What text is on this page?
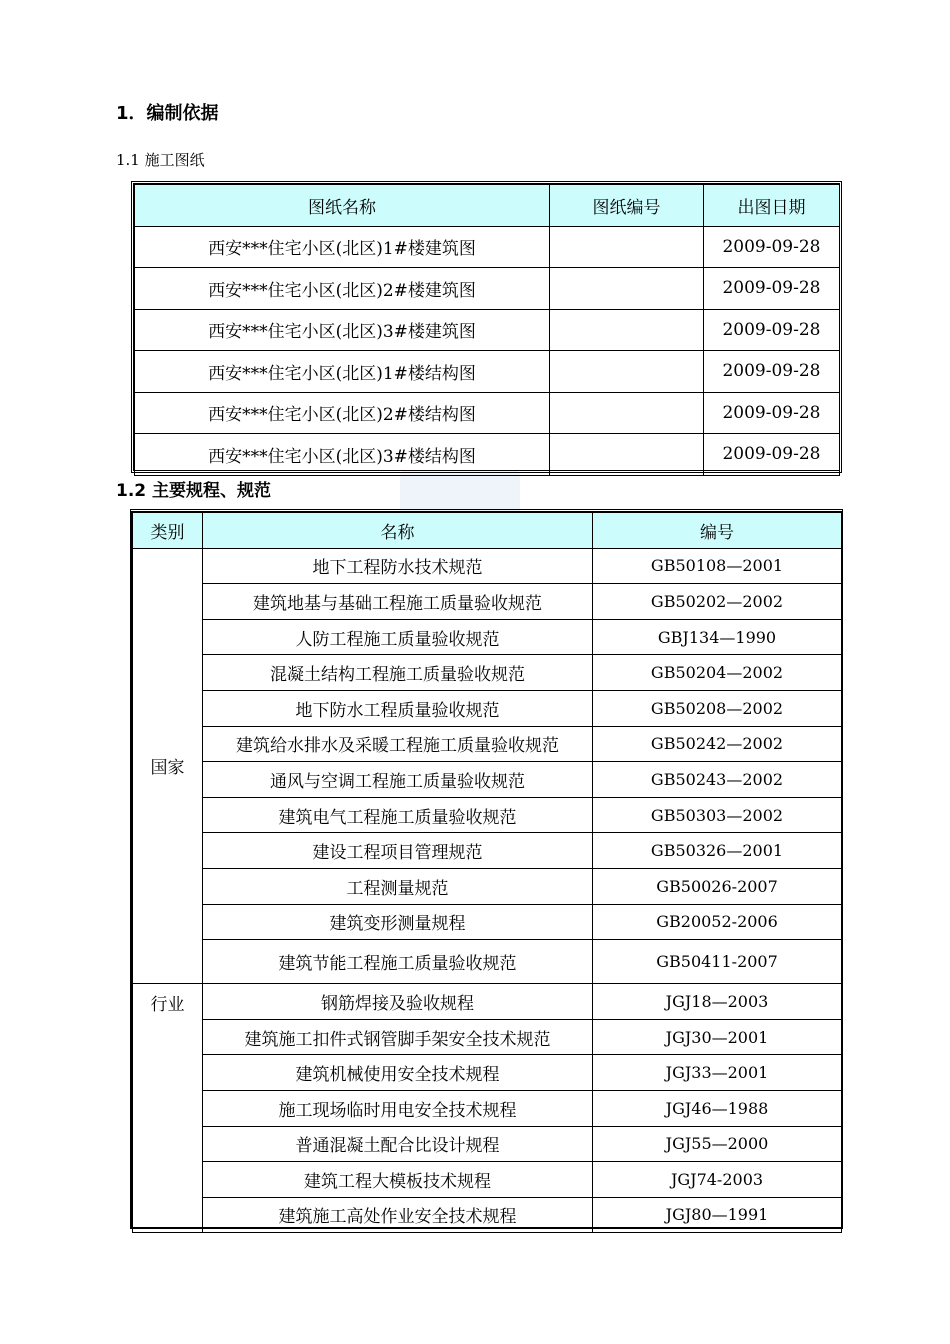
1．编制依据
1.1 施工图纸
图纸名称	图纸编号	出图日期
西安***住宅小区(北区)1#楼建筑图		2009-09-28
西安***住宅小区(北区)2#楼建筑图		2009-09-28
西安***住宅小区(北区)3#楼建筑图		2009-09-28
西安***住宅小区(北区)1#楼结构图		2009-09-28
西安***住宅小区(北区)2#楼结构图		2009-09-28
西安***住宅小区(北区)3#楼结构图		2009-09-28
1.2 主要规程、规范
类别	名称	编号
国家	地下工程防水技术规范	GB50108—2001
	建筑地基与基础工程施工质量验收规范	GB50202—2002
	人防工程施工质量验收规范	GBJ134—1990
	混凝土结构工程施工质量验收规范	GB50204—2002
	地下防水工程质量验收规范	GB50208—2002
	建筑给水排水及采暖工程施工质量验收规范	GB50242—2002
	通风与空调工程施工质量验收规范	GB50243—2002
	建筑电气工程施工质量验收规范	GB50303—2002
	建设工程项目管理规范	GB50326—2001
	工程测量规范	GB50026-2007
	建筑变形测量规程	GB20052-2006
	建筑节能工程施工质量验收规范	GB50411-2007
行业	钢筋焊接及验收规程	JGJ18—2003
	建筑施工扣件式钢管脚手架安全技术规范	JGJ30—2001
	建筑机械使用安全技术规程	JGJ33—2001
	施工现场临时用电安全技术规程	JGJ46—1988
	普通混凝土配合比设计规程	JGJ55—2000
	建筑工程大模板技术规程	JGJ74-2003
	建筑施工高处作业安全技术规程	JGJ80—1991
